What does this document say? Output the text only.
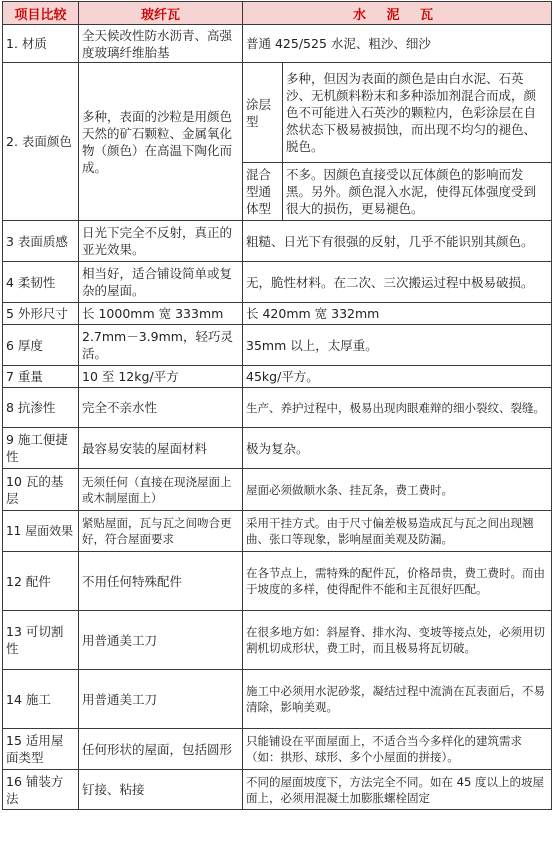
项目比较	玻纤瓦	水 泥 瓦	
1. 材质	全天候改性防水沥青、高强度玻璃纤维胎基	普通 425/525 水泥、粗沙、细沙	
2. 表面颜色	多种，表面的沙粒是用颜色天然的矿石颗粒、金属氧化物（颜色）在高温下陶化而成。	涂层型	多种，但因为表面的颜色是由白水泥、石英沙、无机颜料粉末和多种添加剂混合而成，颜色不可能进入石英沙的颗粒内，色彩涂层在自然状态下极易被损蚀，而出现不均匀的褪色、脱色。
		混合型通体型	不多。因颜色直接受以瓦体颜色的影响而发黑。另外。颜色混入水泥，使得瓦体强度受到很大的损伤，更易褪色。
3 表面质感	日光下完全不反射，真正的亚光效果。	粗糙、日光下有很强的反射，几乎不能识别其颜色。	
4 柔韧性	相当好，适合铺设简单或复杂的屋面。	无，脆性材料。在二次、三次搬运过程中极易破损。	
5 外形尺寸	长 1000mm 宽 333mm	长 420mm 宽 332mm	
6 厚度	2.7mm－3.9mm，轻巧灵活。	35mm 以上，太厚重。	
7 重量	10 至 12kg/平方	45kg/平方。	
8 抗渗性	完全不亲水性	生产、养护过程中，极易出现肉眼难辩的细小裂纹、裂缝。	
9 施工便捷性	最容易安装的屋面材料	极为复杂。	
10 瓦的基层	无须任何（直接在现浇屋面上或木制屋面上）	屋面必须做顺水条、挂瓦条，费工费时。	
11 屋面效果	紧贴屋面，瓦与瓦之间吻合更好，符合屋面要求	采用干挂方式。由于尺寸偏差极易造成瓦与瓦之间出现翘曲、张口等现象，影响屋面美观及防漏。	
12 配件	不用任何特殊配件	在各节点上，需特殊的配件瓦，价格昂贵，费工费时。而由于坡度的多样，使得配件不能和主瓦很好匹配。	
13 可切割性	用普通美工刀	在很多地方如：斜屋脊、排水沟、变坡等接点处，必须用切割机切成形状，费工时，而且极易将瓦切破。	
14 施工	用普通美工刀	施工中必须用水泥砂浆，凝结过程中流淌在瓦表面后，不易清除，影响美观。	
15 适用屋面类型	任何形状的屋面，包括圆形	只能铺设在平面屋面上，不适合当今多样化的建筑需求（如：拱形、球形、多个小屋面的拼接）。	
16 铺装方法	钉接、粘接	不同的屋面坡度下，方法完全不同。如在 45 度以上的坡屋面上，必须用混凝土加膨胀螺栓固定	
